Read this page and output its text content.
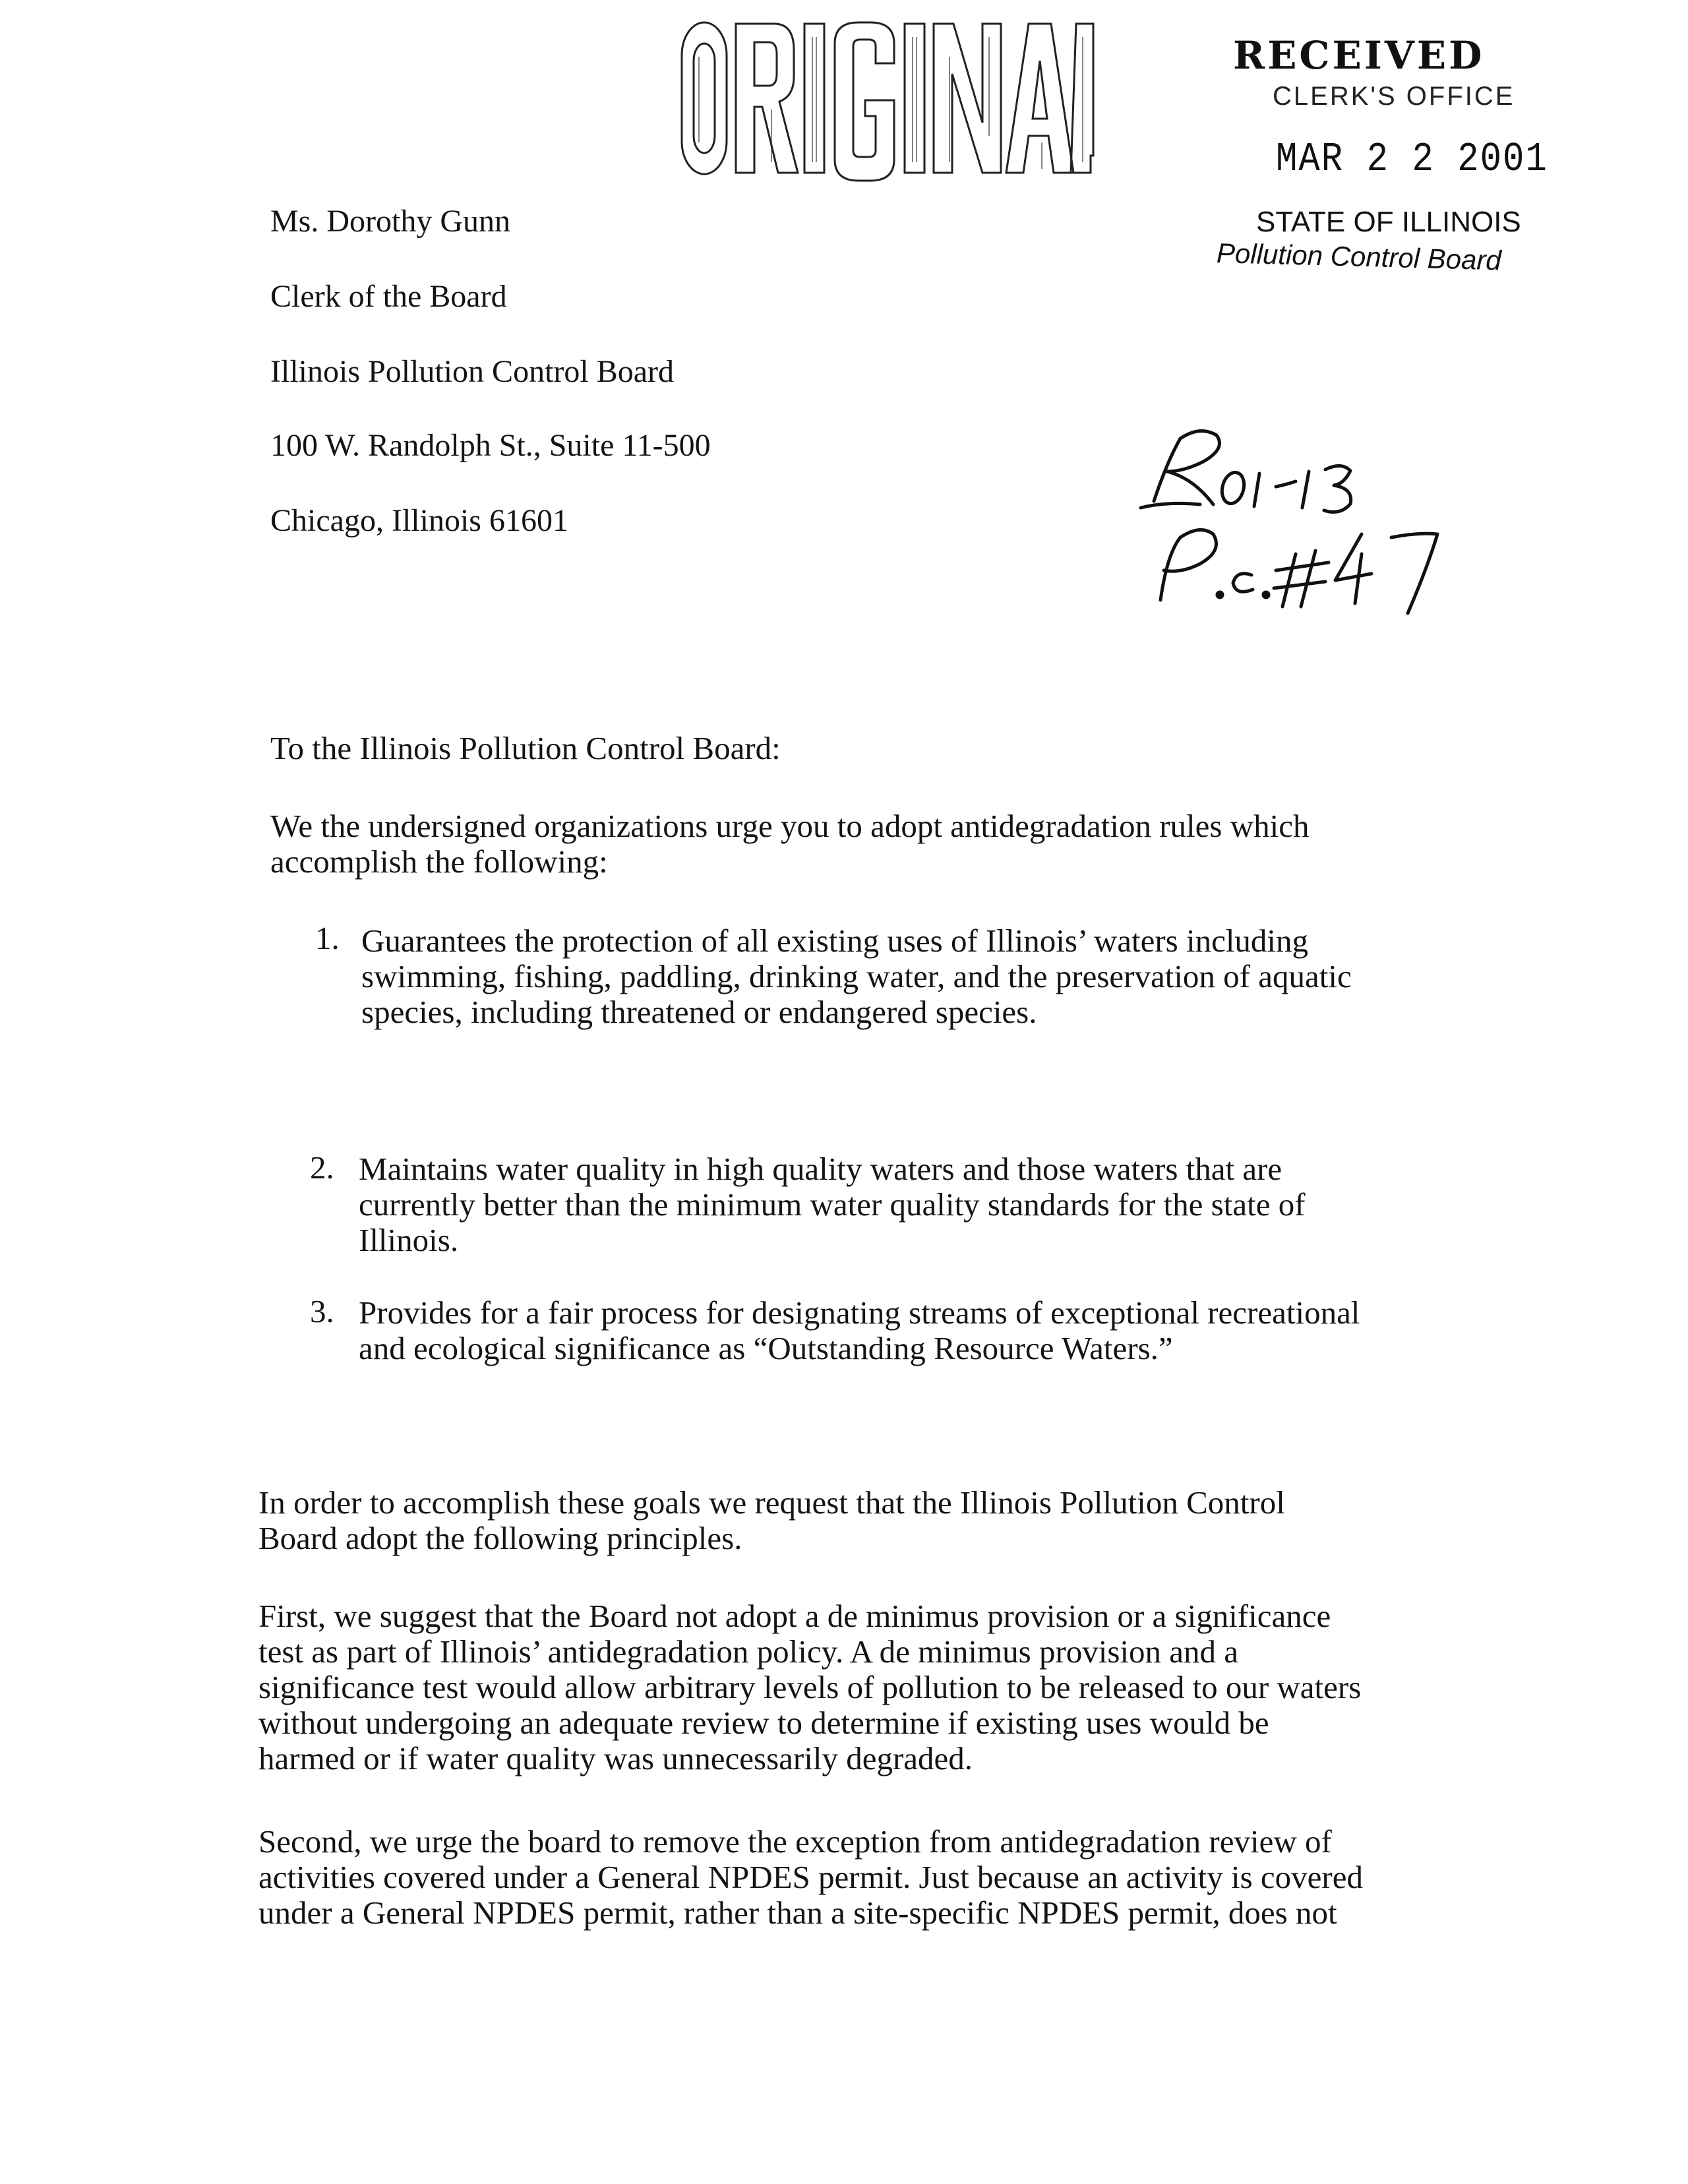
RECEIVED
CLERK'S OFFICE
MAR 2 2 2001
STATE OF ILLINOIS
Pollution Control Board
Ms. Dorothy Gunn
Clerk of the Board
Illinois Pollution Control Board
100 W. Randolph St., Suite 11-500
Chicago, Illinois 61601
To the Illinois Pollution Control Board:
We the undersigned organizations urge you to adopt antidegradation rules which
accomplish the following:
1. Guarantees the protection of all existing uses of Illinois’ waters including
swimming, fishing, paddling, drinking water, and the preservation of aquatic
species, including threatened or endangered species.
2. Maintains water quality in high quality waters and those waters that are
currently better than the minimum water quality standards for the state of
Illinois.
3. Provides for a fair process for designating streams of exceptional recreational
and ecological significance as “Outstanding Resource Waters.”
In order to accomplish these goals we request that the Illinois Pollution Control
Board adopt the following principles.
First, we suggest that the Board not adopt a de minimus provision or a significance
test as part of Illinois’ antidegradation policy. A de minimus provision and a
significance test would allow arbitrary levels of pollution to be released to our waters
without undergoing an adequate review to determine if existing uses would be
harmed or if water quality was unnecessarily degraded.
Second, we urge the board to remove the exception from antidegradation review of
activities covered under a General NPDES permit. Just because an activity is covered
under a General NPDES permit, rather than a site-specific NPDES permit, does not
